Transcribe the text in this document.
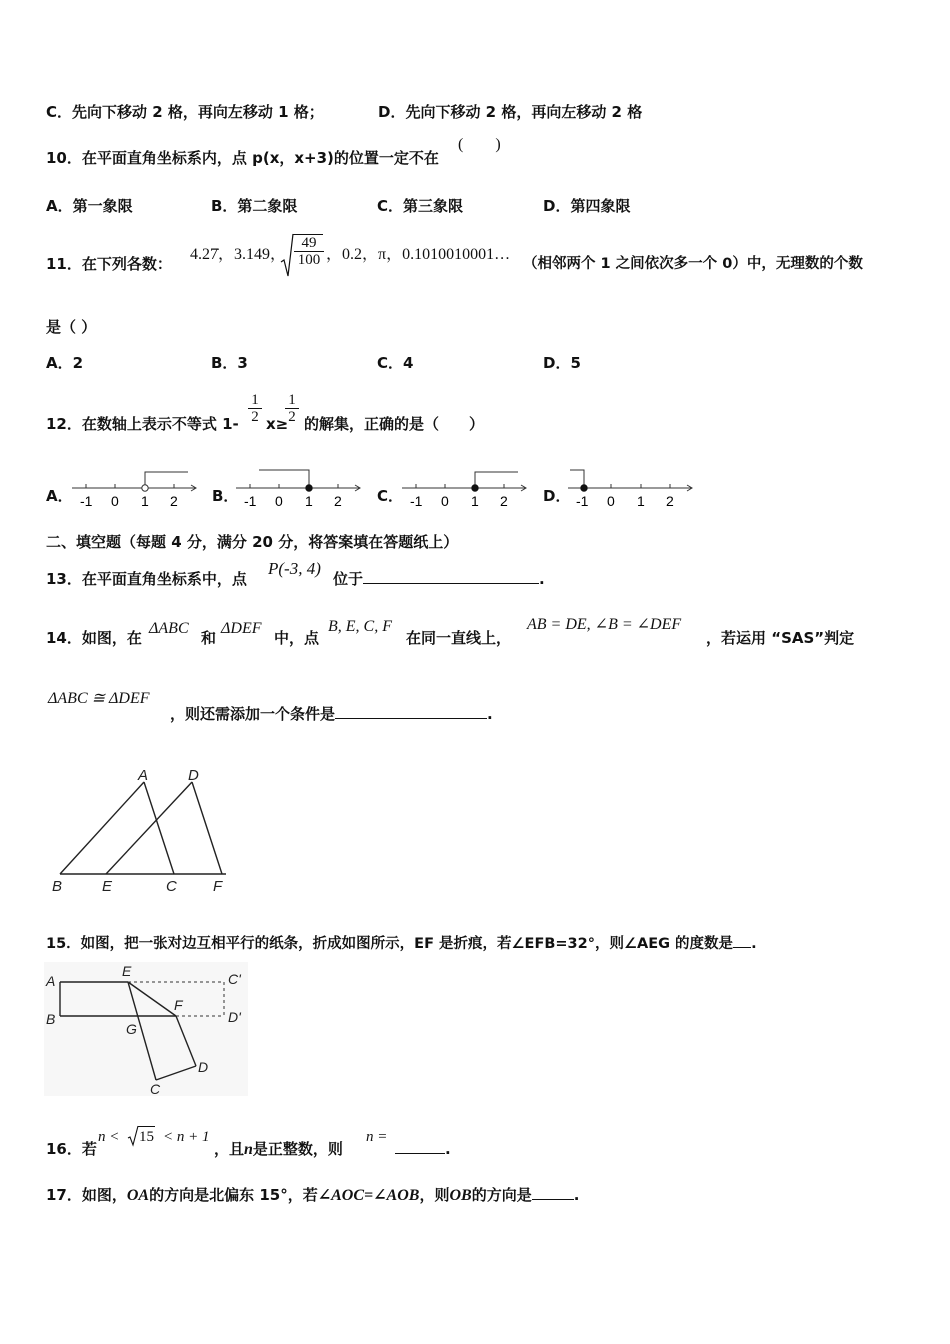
C．先向下移动 2 格，再向左移动 1 格；	D．先向下移动 2 格，再向左移动 2 格
10．在平面直角坐标系内，点 p(x，x+3)的位置一定不在
(　　)
A．第一象限	B．第二象限	C．第三象限	D．第四象限
11．在下列各数：
4.27̇，3.149， $\frac{49}{100}$ ，0.2，π，0.1010010001…
（相邻两个 1 之间依次多一个 0）中，无理数的个数
是（ ）
A．2	B．3	C．4	D．5
12．在数轴上表示不等式 $1- \frac{1}{2} x\ge$
$\frac{1}{2}$ 的解集，正确的是（　　）
A． -1 0 1 2 B． -1 0 1 2 C． -1 0 1 2 D． -1 0 1 2
二、填空题（每题 4 分，满分 20 分，将答案填在答题纸上）
13．在平面直角坐标系中，点
P(-3, 4)
位于	.
14．如图，在
ΔABC
和
ΔDEF
中，点
B, E, C, F
在同一直线上，
AB = DE, ∠B = ∠DEF
，若运用 “SAS”判定
ΔABC ≅ ΔDEF
，则还需添加一个条件是	.
A	D
B	E	C F
15．如图，把一张对边互相平行的纸条，折成如图所示，EF 是折痕，若∠EFB=32°，则∠AEG 的度数是 .
A
E	C'
B
F
D'
G
D
C
16．若
n < 15 < n + 1
，且n是正整数，则
n =
.
17．如图，OA的方向是北偏东 15°，若∠AOC=∠AOB，则OB的方向是	.
